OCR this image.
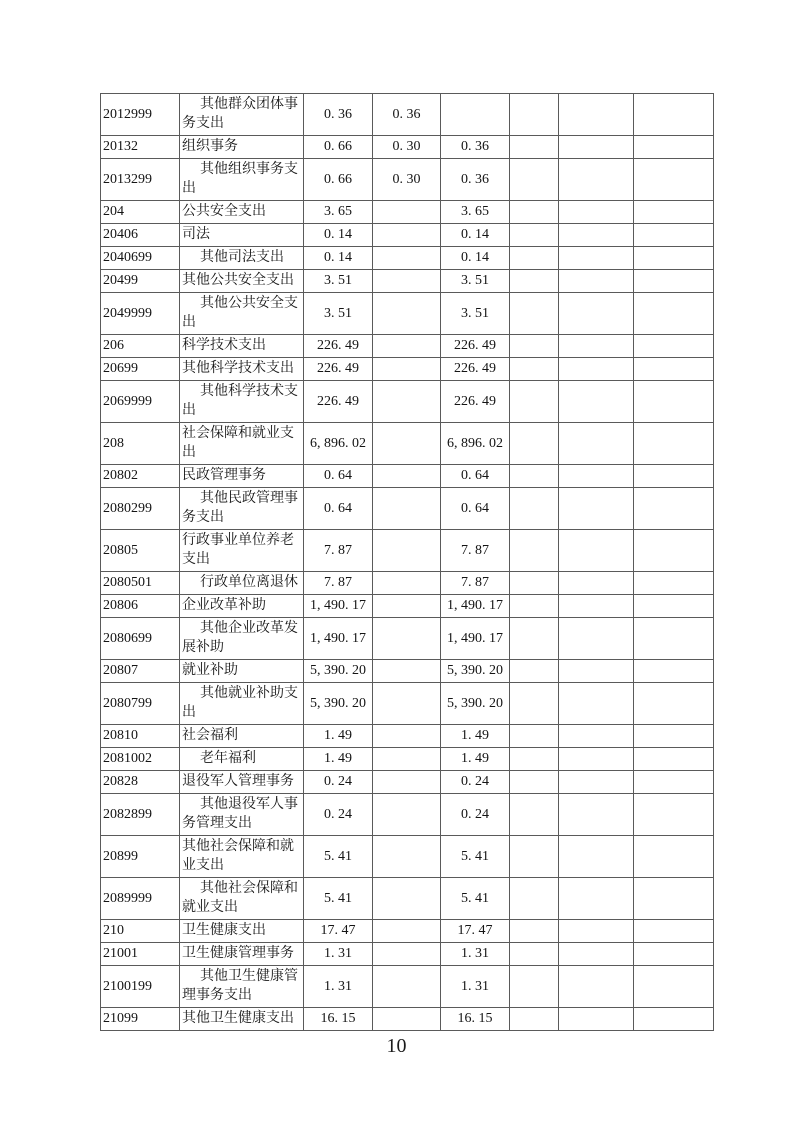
2012999	其他群众团体事务支出	0. 36	0. 36				
20132	组织事务	0. 66	0. 30	0. 36			
2013299	其他组织事务支出	0. 66	0. 30	0. 36			
204	公共安全支出	3. 65		3. 65			
20406	司法	0. 14		0. 14			
2040699	其他司法支出	0. 14		0. 14			
20499	其他公共安全支出	3. 51		3. 51			
2049999	其他公共安全支出	3. 51		3. 51			
206	科学技术支出	226. 49		226. 49			
20699	其他科学技术支出	226. 49		226. 49			
2069999	其他科学技术支出	226. 49		226. 49			
208	社会保障和就业支出	6, 896. 02		6, 896. 02			
20802	民政管理事务	0. 64		0. 64			
2080299	其他民政管理事务支出	0. 64		0. 64			
20805	行政事业单位养老支出	7. 87		7. 87			
2080501	行政单位离退休	7. 87		7. 87			
20806	企业改革补助	1, 490. 17		1, 490. 17			
2080699	其他企业改革发展补助	1, 490. 17		1, 490. 17			
20807	就业补助	5, 390. 20		5, 390. 20			
2080799	其他就业补助支出	5, 390. 20		5, 390. 20			
20810	社会福利	1. 49		1. 49			
2081002	老年福利	1. 49		1. 49			
20828	退役军人管理事务	0. 24		0. 24			
2082899	其他退役军人事务管理支出	0. 24		0. 24			
20899	其他社会保障和就业支出	5. 41		5. 41			
2089999	其他社会保障和就业支出	5. 41		5. 41			
210	卫生健康支出	17. 47		17. 47			
21001	卫生健康管理事务	1. 31		1. 31			
2100199	其他卫生健康管理事务支出	1. 31		1. 31			
21099	其他卫生健康支出	16. 15		16. 15			
10
